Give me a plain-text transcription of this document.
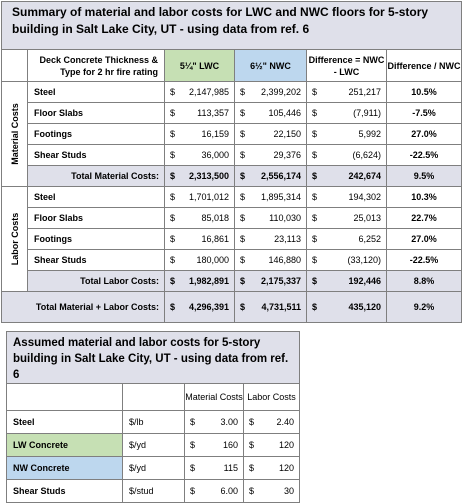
Summary of material and labor costs for LWC and NWC floors for 5-story building in Salt Lake City, UT - using data from ref. 6								
	Deck Concrete Thickness & Type for 2 hr fire rating	5¼" LWC		6½" NWC		Difference = NWC - LWC		Difference / NWC

Material Costs	Steel	$	2,147,985	$	2,399,202	$	251,217	10.5%
	Floor Slabs	$	113,357	$	105,446	$	(7,911)	-7.5%
	Footings	$	16,159	$	22,150	$	5,992	27.0%
	Shear Studs	$	36,000	$	29,376	$	(6,624)	-22.5%
	Total Material Costs:	$	2,313,500	$	2,556,174	$	242,674	9.5%

Labor Costs	Steel	$	1,701,012	$	1,895,314	$	194,302	10.3%
	Floor Slabs	$	85,018	$	110,030	$	25,013	22.7%
	Footings	$	16,861	$	23,113	$	6,252	27.0%
	Shear Studs	$	180,000	$	146,880	$	(33,120)	-22.5%
	Total Labor Costs:	$	1,982,891	$	2,175,337	$	192,446	8.8%
Total Material + Labor Costs:		$	4,296,391	$	4,731,511	$	435,120	9.2%
Assumed material and labor costs for 5-story building in Salt Lake City, UT - using data from ref. 6					
		Material Costs		Labor Costs	
Steel	$/lb	$	3.00	$	2.40
LW Concrete	$/yd	$	160	$	120
NW Concrete	$/yd	$	115	$	120
Shear Studs	$/stud	$	6.00	$	30
